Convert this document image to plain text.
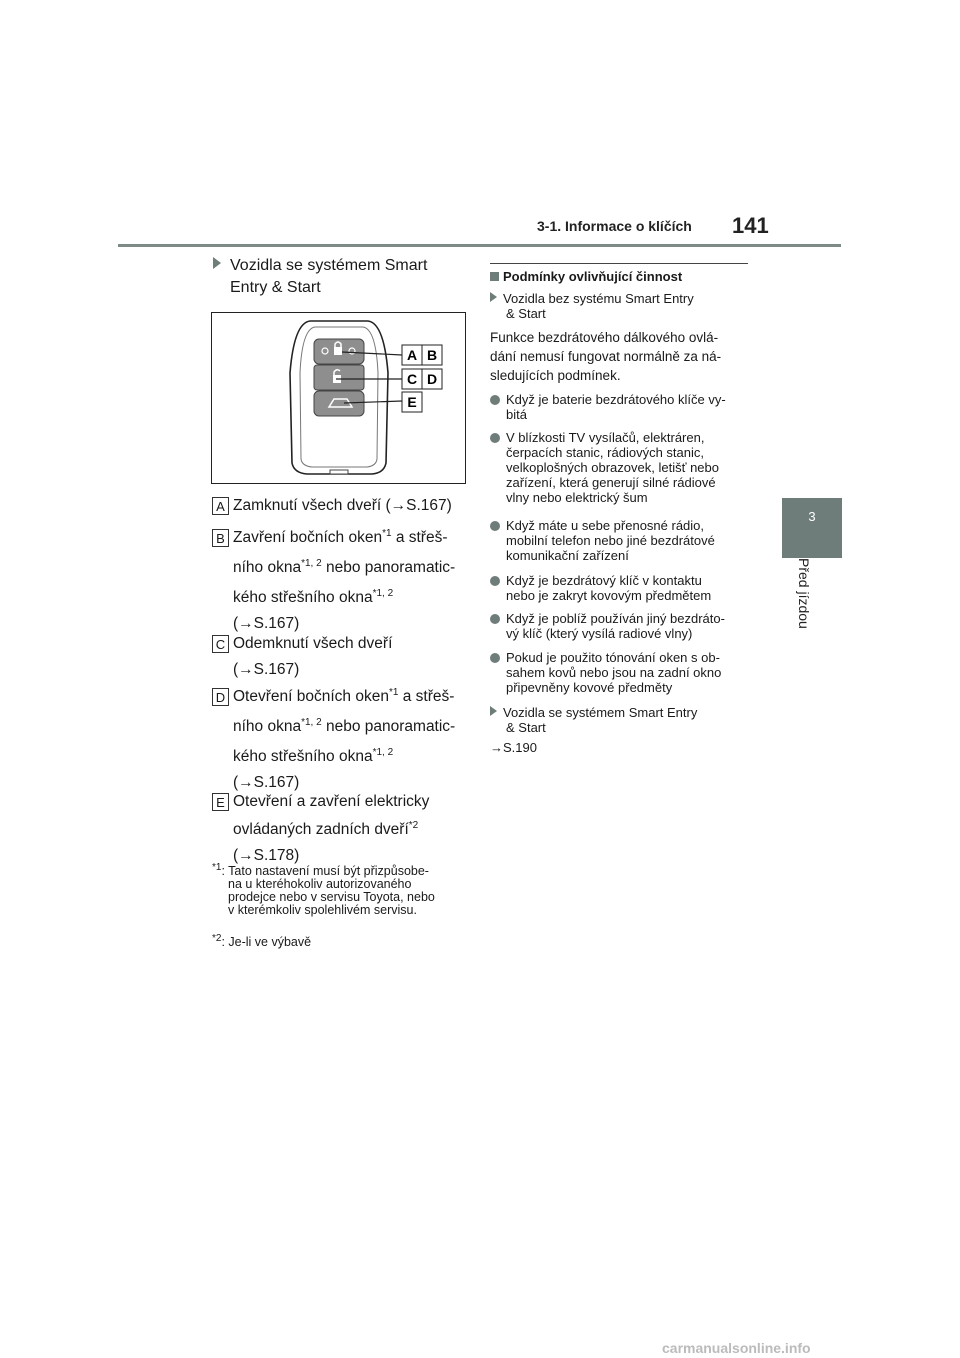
3-1. Informace o klíčích 141
3
Před jízdou
Vozidla se systémem Smart
Entry & Start
A B
C D
E
A Zamknutí všech dveří (→S.167)
B Zavření bočních oken$^{*1}$ a střeš-
ního okna$^{*1, 2}$ nebo panoramatic-
kého střešního okna$^{*1, 2}$
(→S.167)
C Odemknutí všech dveří
(→S.167)
D Otevření bočních oken$^{*1}$ a střeš-
ního okna$^{*1, 2}$ nebo panoramatic-
kého střešního okna$^{*1, 2}$
(→S.167)
E Otevření a zavření elektricky
ovládaných zadních dveří$^{*2}$
(→S.178)
$^{*1}$: Tato nastavení musí být přizpůsobe-
na u kteréhokoliv autorizovaného
prodejce nebo v servisu Toyota, nebo
v kterémkoliv spolehlivém servisu.
$^{*2}$: Je-li ve výbavě
Podmínky ovlivňující činnost
Vozidla bez systému Smart Entry
& Start
Funkce bezdrátového dálkového ovlá-
dání nemusí fungovat normálně za ná-
sledujících podmínek.
Když je baterie bezdrátového klíče vy-
bitá
V blízkosti TV vysílačů, elektráren,
čerpacích stanic, rádiových stanic,
velkoplošných obrazovek, letišť nebo
zařízení, která generují silné rádiové
vlny nebo elektrický šum
Když máte u sebe přenosné rádio,
mobilní telefon nebo jiné bezdrátové
komunikační zařízení
Když je bezdrátový klíč v kontaktu
nebo je zakryt kovovým předmětem
Když je poblíž používán jiný bezdráto-
vý klíč (který vysílá radiové vlny)
Pokud je použito tónování oken s ob-
sahem kovů nebo jsou na zadní okno
připevněny kovové předměty
Vozidla se systémem Smart Entry
& Start
→S.190
carmanualsonline.info
